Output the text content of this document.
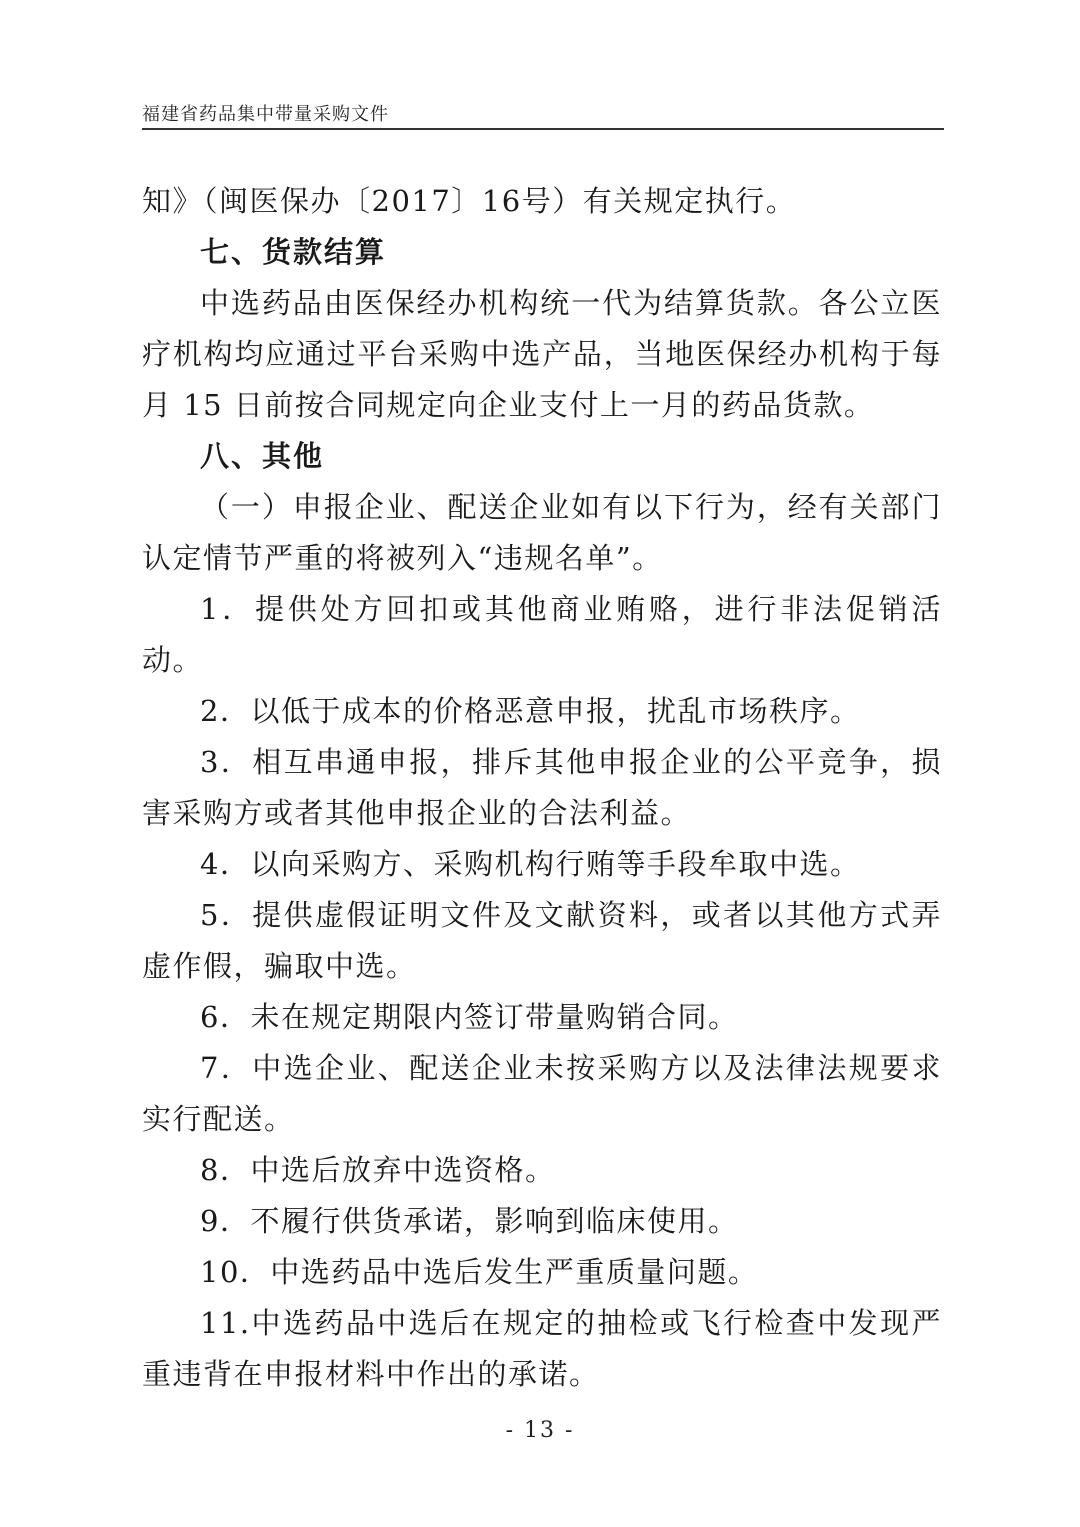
福建省药品集中带量采购文件

知》（闽医保办〔2017〕16号）有关规定执行。

七、货款结算

中选药品由医保经办机构统一代为结算货款。各公立医疗机构均应通过平台采购中选产品，当地医保经办机构于每月 15 日前按合同规定向企业支付上一月的药品货款。

八、其他

（一）申报企业、配送企业如有以下行为，经有关部门认定情节严重的将被列入“违规名单”。

1．提供处方回扣或其他商业贿赂，进行非法促销活动。

2．以低于成本的价格恶意申报，扰乱市场秩序。

3．相互串通申报，排斥其他申报企业的公平竞争，损害采购方或者其他申报企业的合法利益。

4．以向采购方、采购机构行贿等手段牟取中选。

5．提供虚假证明文件及文献资料，或者以其他方式弄虚作假，骗取中选。

6．未在规定期限内签订带量购销合同。

7．中选企业、配送企业未按采购方以及法律法规要求实行配送。

8．中选后放弃中选资格。

9．不履行供货承诺，影响到临床使用。

10．中选药品中选后发生严重质量问题。

11.中选药品中选后在规定的抽检或飞行检查中发现严重违背在申报材料中作出的承诺。

- 13 -
